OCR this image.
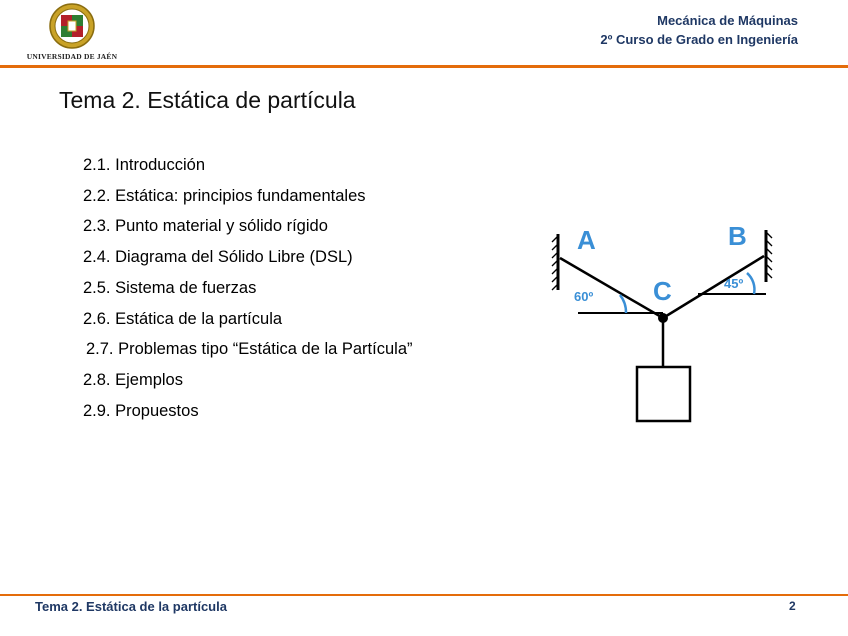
UNIVERSIDAD DE JAÉN
Mecánica de Máquinas
2º Curso de Grado en Ingeniería
Tema 2. Estática de partícula
2.1. Introducción
2.2. Estática: principios fundamentales
2.3. Punto material y sólido rígido
2.4. Diagrama del Sólido Libre (DSL)
2.5. Sistema de fuerzas
2.6. Estática de la partícula
2.7. Problemas tipo “Estática de la Partícula”
2.8. Ejemplos
2.9. Propuestos
A	B
C
60º
45º
Tema 2. Estática de la partícula	2
